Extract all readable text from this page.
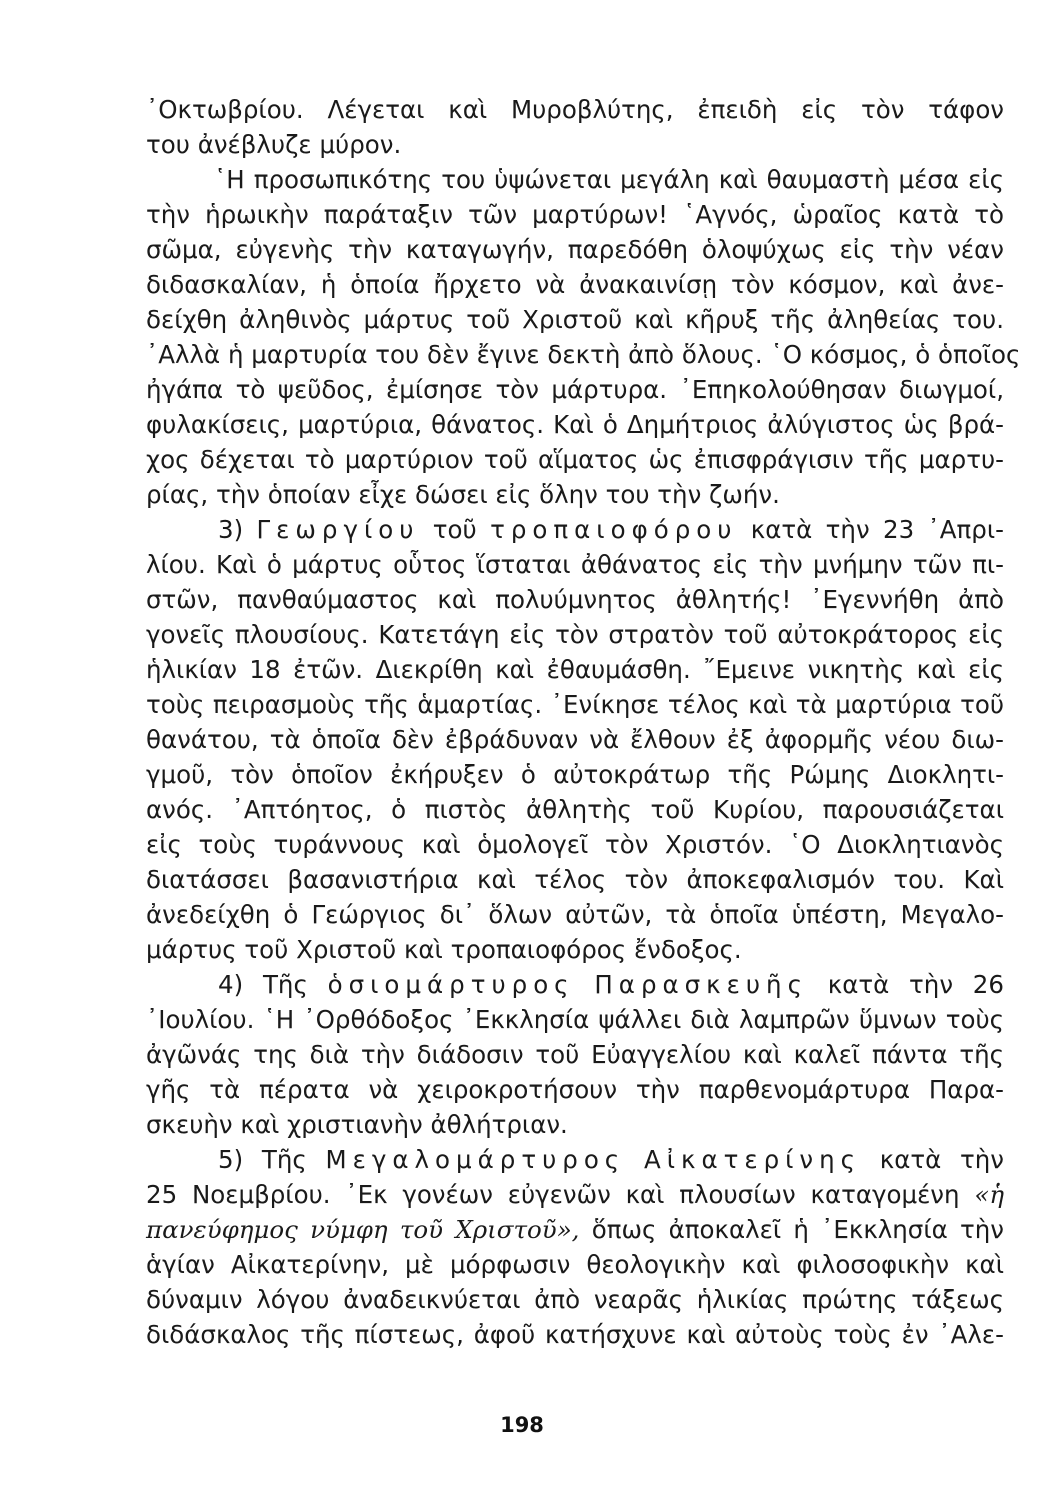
᾿Οκτωβρίου. Λέγεται καὶ Μυροβλύτης, ἐπειδὴ εἰς τὸν τάφον
του ἀνέβλυζε μύρον.
῾Η προσωπικότης του ὑψώνεται μεγάλη καὶ θαυμαστὴ μέσα εἰς
τὴν ἡρωικὴν παράταξιν τῶν μαρτύρων! ῾Αγνός, ὡραῖος κατὰ τὸ
σῶμα, εὐγενὴς τὴν καταγωγήν, παρεδόθη ὁλοψύχως εἰς τὴν νέαν
διδασκαλίαν, ἡ ὁποία ἤρχετο νὰ ἀνακαινίσῃ τὸν κόσμον, καὶ ἀνε-
δείχθη ἀληθινὸς μάρτυς τοῦ Χριστοῦ καὶ κῆρυξ τῆς ἀληθείας του.
᾿Αλλὰ ἡ μαρτυρία του δὲν ἔγινε δεκτὴ ἀπὸ ὅλους. ῾Ο κόσμος, ὁ ὁποῖος
ἠγάπα τὸ ψεῦδος, ἐμίσησε τὸν μάρτυρα. ᾿Επηκολούθησαν διωγμοί,
φυλακίσεις, μαρτύρια, θάνατος. Καὶ ὁ Δημήτριος ἀλύγιστος ὡς βρά-
χος δέχεται τὸ μαρτύριον τοῦ αἵματος ὡς ἐπισφράγισιν τῆς μαρτυ-
ρίας, τὴν ὁποίαν εἶχε δώσει εἰς ὅλην του τὴν ζωήν.
3) Γεωργίου τοῦ τροπαιοφόρου κατὰ τὴν 23 ᾿Απρι-
λίου. Καὶ ὁ μάρτυς οὗτος ἵσταται ἀθάνατος εἰς τὴν μνήμην τῶν πι-
στῶν, πανθαύμαστος καὶ πολυύμνητος ἀθλητής! ᾿Εγεννήθη ἀπὸ
γονεῖς πλουσίους. Κατετάγη εἰς τὸν στρατὸν τοῦ αὐτοκράτορος εἰς
ἡλικίαν 18 ἐτῶν. Διεκρίθη καὶ ἐθαυμάσθη. ῎Εμεινε νικητὴς καὶ εἰς
τοὺς πειρασμοὺς τῆς ἁμαρτίας. ᾿Ενίκησε τέλος καὶ τὰ μαρτύρια τοῦ
θανάτου, τὰ ὁποῖα δὲν ἐβράδυναν νὰ ἔλθουν ἐξ ἀφορμῆς νέου διω-
γμοῦ, τὸν ὁποῖον ἐκήρυξεν ὁ αὐτοκράτωρ τῆς Ρώμης Διοκλητι-
ανός. ᾿Απτόητος, ὁ πιστὸς ἀθλητὴς τοῦ Κυρίου, παρουσιάζεται
εἰς τοὺς τυράννους καὶ ὁμολογεῖ τὸν Χριστόν. ῾Ο Διοκλητιανὸς
διατάσσει βασανιστήρια καὶ τέλος τὸν ἀποκεφαλισμόν του. Καὶ
ἀνεδείχθη ὁ Γεώργιος δι᾿ ὅλων αὐτῶν, τὰ ὁποῖα ὑπέστη, Μεγαλο-
μάρτυς τοῦ Χριστοῦ καὶ τροπαιοφόρος ἔνδοξος.
4) Τῆς ὁσιομάρτυρος Παρασκευῆς κατὰ τὴν 26
᾿Ιουλίου. ῾Η ᾿Ορθόδοξος ᾿Εκκλησία ψάλλει διὰ λαμπρῶν ὕμνων τοὺς
ἀγῶνάς της διὰ τὴν διάδοσιν τοῦ Εὐαγγελίου καὶ καλεῖ πάντα τῆς
γῆς τὰ πέρατα νὰ χειροκροτήσουν τὴν παρθενομάρτυρα Παρα-
σκευὴν καὶ χριστιανὴν ἀθλήτριαν.
5) Τῆς Μεγαλομάρτυρος Αἰκατερίνης κατὰ τὴν
25 Νοεμβρίου. ᾿Εκ γονέων εὐγενῶν καὶ πλουσίων καταγομένη «ἡ
πανεύφημος νύμφη τοῦ Χριστοῦ», ὅπως ἀποκαλεῖ ἡ ᾿Εκκλησία τὴν
ἁγίαν Αἰκατερίνην, μὲ μόρφωσιν θεολογικὴν καὶ φιλοσοφικὴν καὶ
δύναμιν λόγου ἀναδεικνύεται ἀπὸ νεαρᾶς ἡλικίας πρώτης τάξεως
διδάσκαλος τῆς πίστεως, ἀφοῦ κατήσχυνε καὶ αὐτοὺς τοὺς ἐν ᾿Αλε-
198
